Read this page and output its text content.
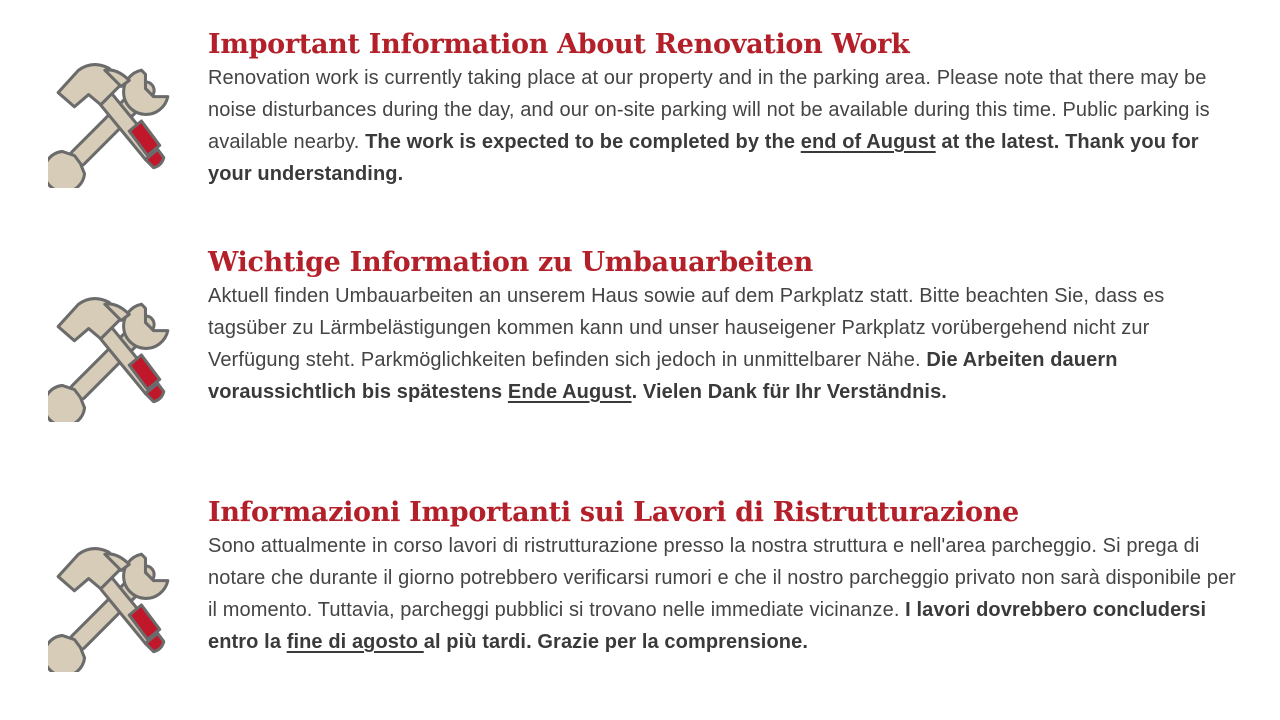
Important Information About Renovation Work

Renovation work is currently taking place at our property and in the parking area. Please note that there may be noise disturbances during the day, and our on-site parking will not be available during this time. Public parking is available nearby. The work is expected to be completed by the end of August at the latest. Thank you for your understanding.

Wichtige Information zu Umbauarbeiten

Aktuell finden Umbauarbeiten an unserem Haus sowie auf dem Parkplatz statt. Bitte beachten Sie, dass es tagsüber zu Lärmbelästigungen kommen kann und unser hauseigener Parkplatz vorübergehend nicht zur Verfügung steht. Parkmöglichkeiten befinden sich jedoch in unmittelbarer Nähe. Die Arbeiten dauern voraussichtlich bis spätestens Ende August. Vielen Dank für Ihr Verständnis.

Informazioni Importanti sui Lavori di Ristrutturazione

Sono attualmente in corso lavori di ristrutturazione presso la nostra struttura e nell'area parcheggio. Si prega di notare che durante il giorno potrebbero verificarsi rumori e che il nostro parcheggio privato non sarà disponibile per il momento. Tuttavia, parcheggi pubblici si trovano nelle immediate vicinanze. I lavori dovrebbero concludersi entro la fine di agosto al più tardi. Grazie per la comprensione.
